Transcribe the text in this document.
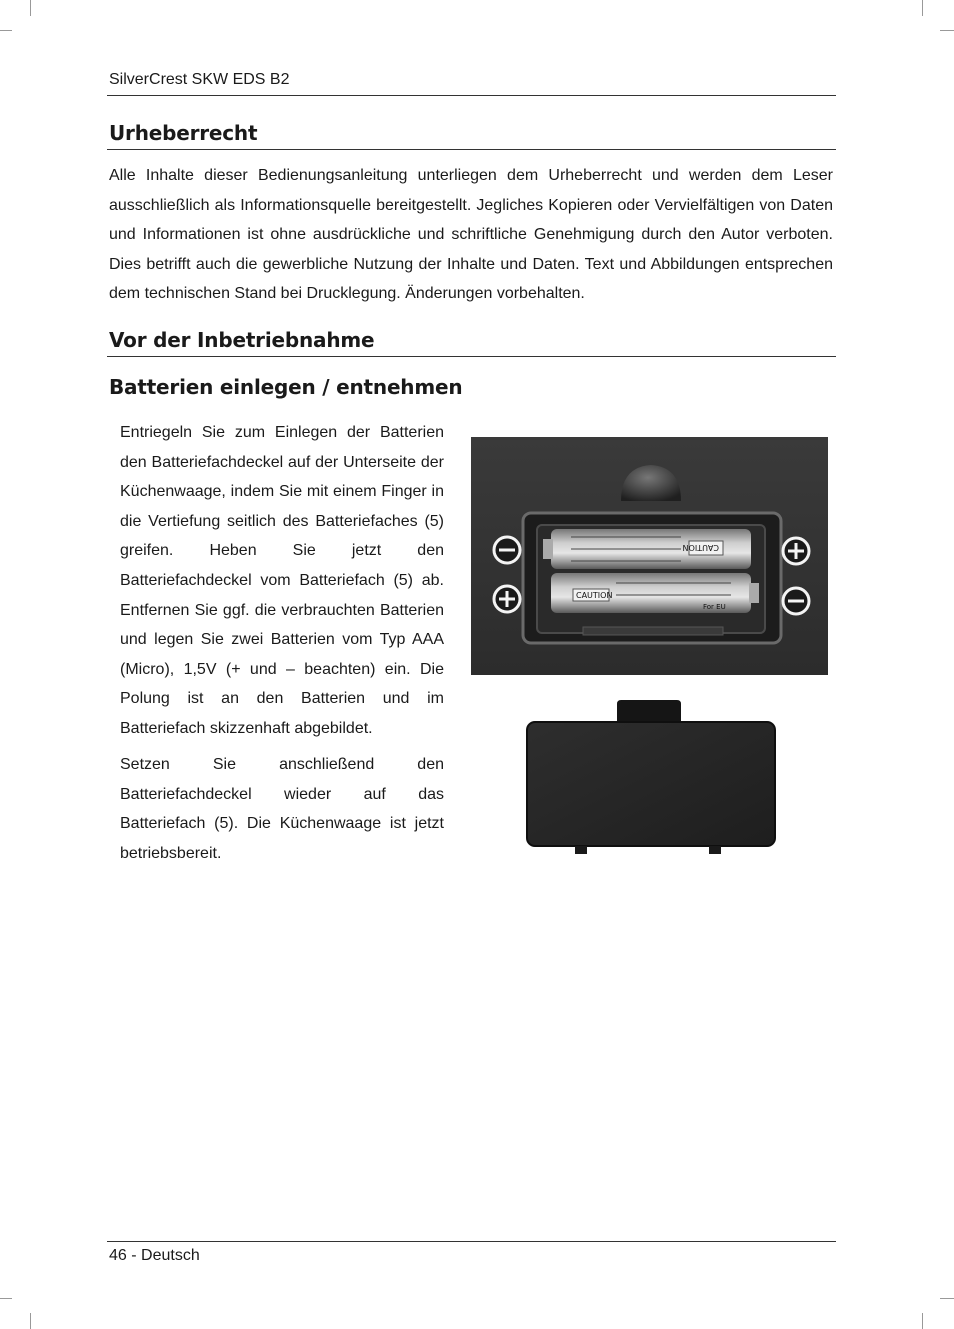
SilverCrest SKW EDS B2
Urheberrecht

Alle Inhalte dieser Bedienungsanleitung unterliegen dem Urheberrecht und werden dem Leser ausschließlich als Informationsquelle bereitgestellt. Jegliches Kopieren oder Vervielfältigen von Daten und Informationen ist ohne ausdrückliche und schriftliche Genehmigung durch den Autor verboten. Dies betrifft auch die gewerbliche Nutzung der Inhalte und Daten. Text und Abbildungen entsprechen dem technischen Stand bei Drucklegung. Änderungen vorbehalten.

Vor der Inbetriebnahme
Batterien einlegen / entnehmen

Entriegeln Sie zum Einlegen der Batterien den Batteriefachdeckel auf der Unterseite der Küchenwaage, indem Sie mit einem Finger in die Vertiefung seitlich des Batteriefaches (5) greifen. Heben Sie jetzt den Batteriefachdeckel vom Batteriefach (5) ab. Entfernen Sie ggf. die verbrauchten Batterien und legen Sie zwei Batterien vom Typ AAA (Micro), 1,5V (+ und – beachten) ein. Die Polung ist an den Batterien und im Batteriefach skizzenhaft abgebildet.

Setzen Sie anschließend den Batteriefachdeckel wieder auf das Batteriefach (5). Die Küchenwaage ist jetzt betriebsbereit.

CAUTION
CAUTION
For EU
46 - Deutsch
